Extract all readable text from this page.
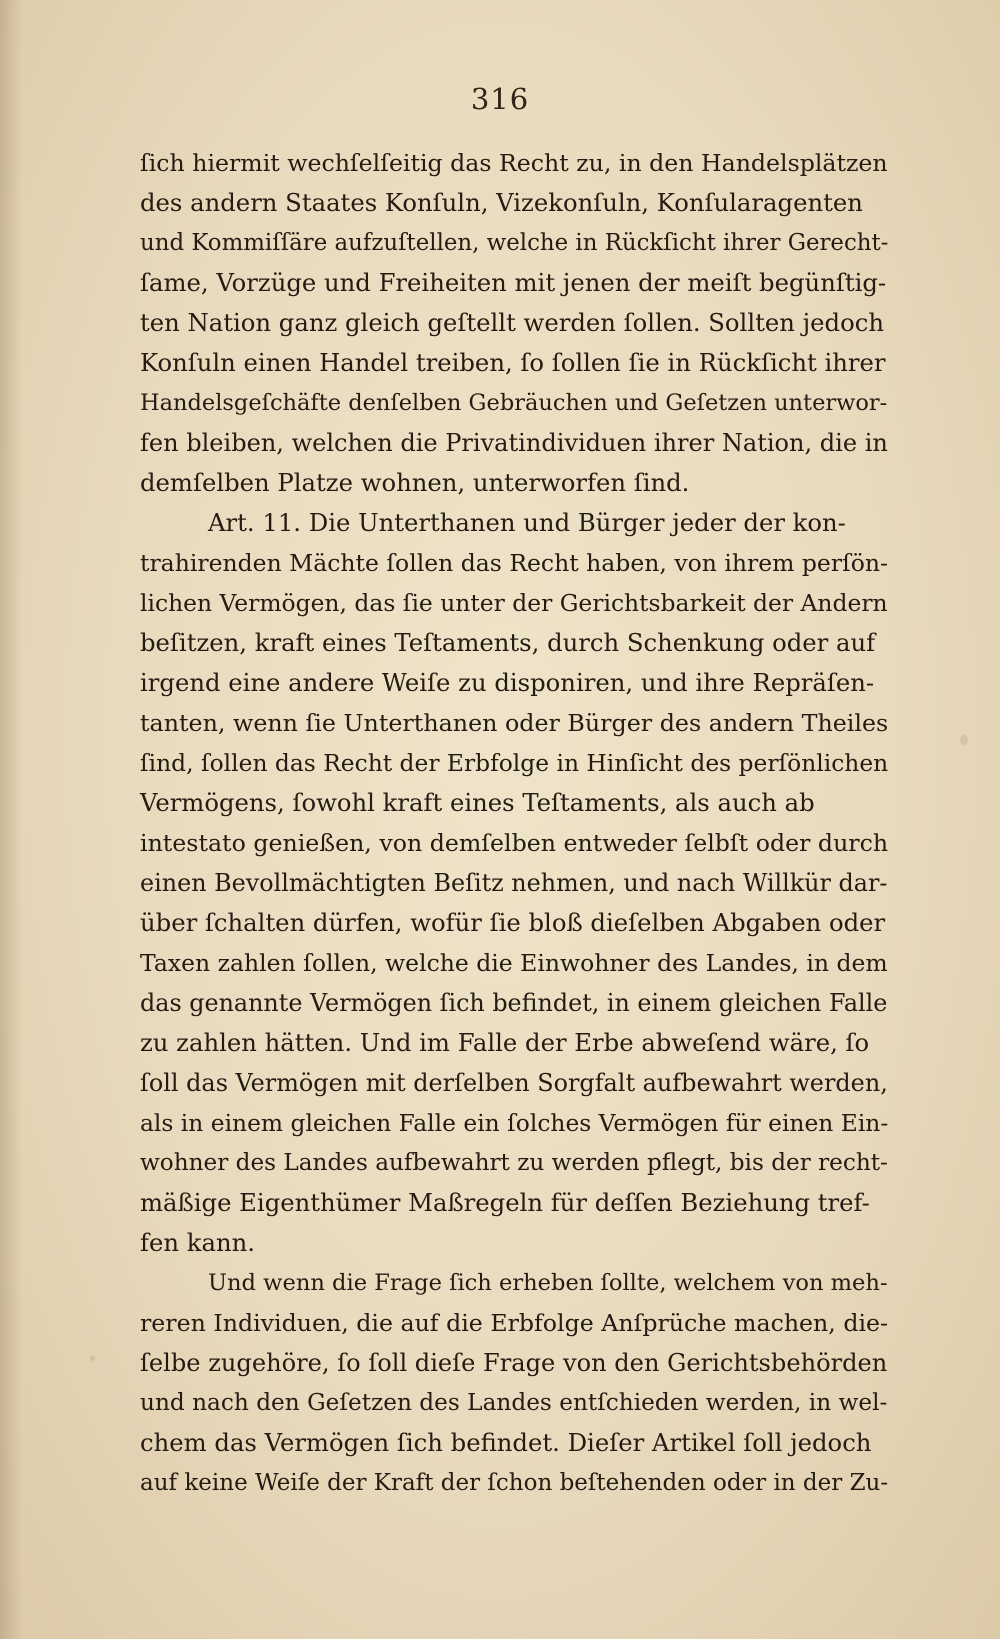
316
ſich hiermit wechſelſeitig das Recht zu, in den Handelsplätzen
des andern Staates Konſuln, Vizekonſuln, Konſularagenten
und Kommiſſäre aufzuſtellen, welche in Rückſicht ihrer Gerecht-
ſame, Vorzüge und Freiheiten mit jenen der meiſt begünſtig-
ten Nation ganz gleich geſtellt werden ſollen. Sollten jedoch
Konſuln einen Handel treiben, ſo ſollen ſie in Rückſicht ihrer
Handelsgeſchäfte denſelben Gebräuchen und Geſetzen unterwor-
fen bleiben, welchen die Privatindividuen ihrer Nation, die in
demſelben Platze wohnen, unterworfen ſind.
Art. 11. Die Unterthanen und Bürger jeder der kon-
trahirenden Mächte ſollen das Recht haben, von ihrem perſön-
lichen Vermögen, das ſie unter der Gerichtsbarkeit der Andern
beſitzen, kraft eines Teſtaments, durch Schenkung oder auf
irgend eine andere Weiſe zu disponiren, und ihre Repräſen-
tanten, wenn ſie Unterthanen oder Bürger des andern Theiles
ſind, ſollen das Recht der Erbfolge in Hinſicht des perſönlichen
Vermögens, ſowohl kraft eines Teſtaments, als auch ab
intestato genießen, von demſelben entweder ſelbſt oder durch
einen Bevollmächtigten Beſitz nehmen, und nach Willkür dar-
über ſchalten dürfen, wofür ſie bloß dieſelben Abgaben oder
Taxen zahlen ſollen, welche die Einwohner des Landes, in dem
das genannte Vermögen ſich befindet, in einem gleichen Falle
zu zahlen hätten. Und im Falle der Erbe abweſend wäre, ſo
ſoll das Vermögen mit derſelben Sorgfalt aufbewahrt werden,
als in einem gleichen Falle ein ſolches Vermögen für einen Ein-
wohner des Landes aufbewahrt zu werden pflegt, bis der recht-
mäßige Eigenthümer Maßregeln für deſſen Beziehung tref-
fen kann.
Und wenn die Frage ſich erheben ſollte, welchem von meh-
reren Individuen, die auf die Erbfolge Anſprüche machen, die-
ſelbe zugehöre, ſo ſoll dieſe Frage von den Gerichtsbehörden
und nach den Geſetzen des Landes entſchieden werden, in wel-
chem das Vermögen ſich befindet. Dieſer Artikel ſoll jedoch
auf keine Weiſe der Kraft der ſchon beſtehenden oder in der Zu-
